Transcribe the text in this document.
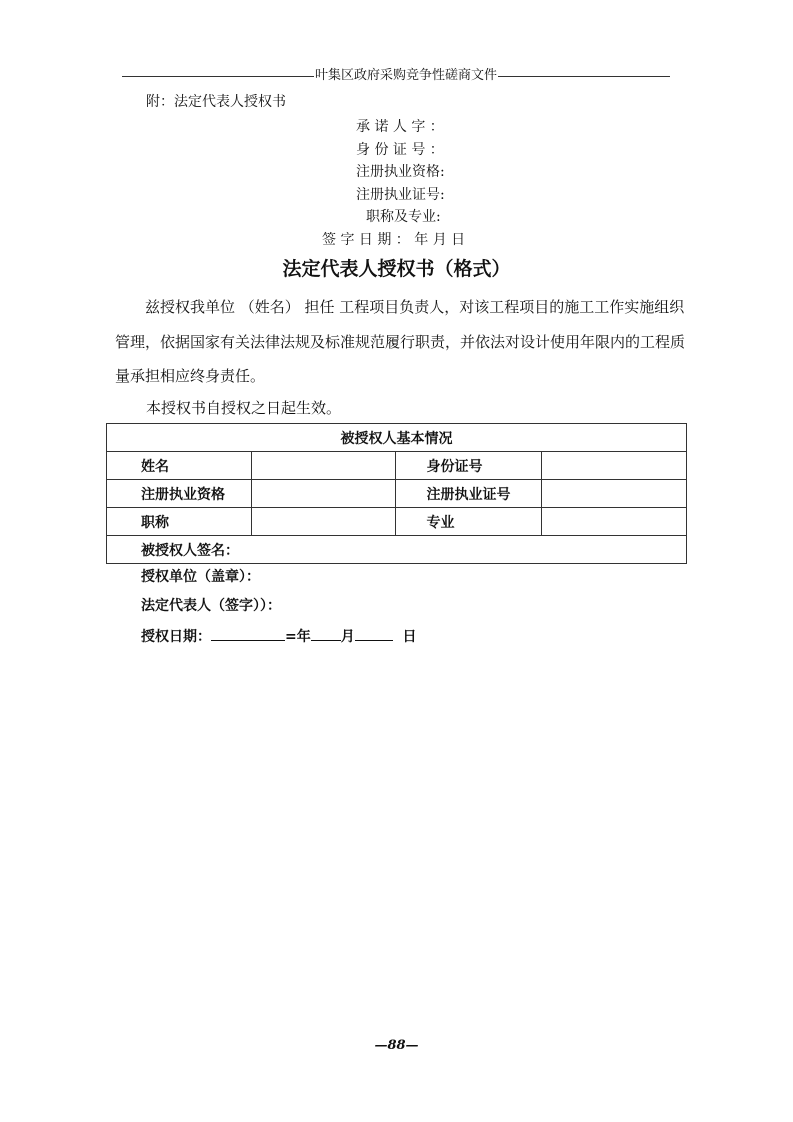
叶集区政府采购竞争性磋商文件
附：法定代表人授权书
承 诺 人 字 ：
身 份 证 号 ：
注册执业资格:
注册执业证号:
职称及专业:
签 字 日 期 ： 年 月 日
法定代表人授权书（格式）

兹授权我单位 （姓名） 担任 工程项目负责人，对该工程项目的施工工作实施组织管理，依据国家有关法律法规及标准规范履行职责，并依法对设计使用年限内的工程质量承担相应终身责任。

本授权书自授权之日起生效。
被授权人基本情况			
姓名		身份证号	
注册执业资格		注册执业证号	
职称		专业	
被授权人签名：			
授权单位（盖章）：
法定代表人（签字））：
授权日期：	=年 月	日
—88—
